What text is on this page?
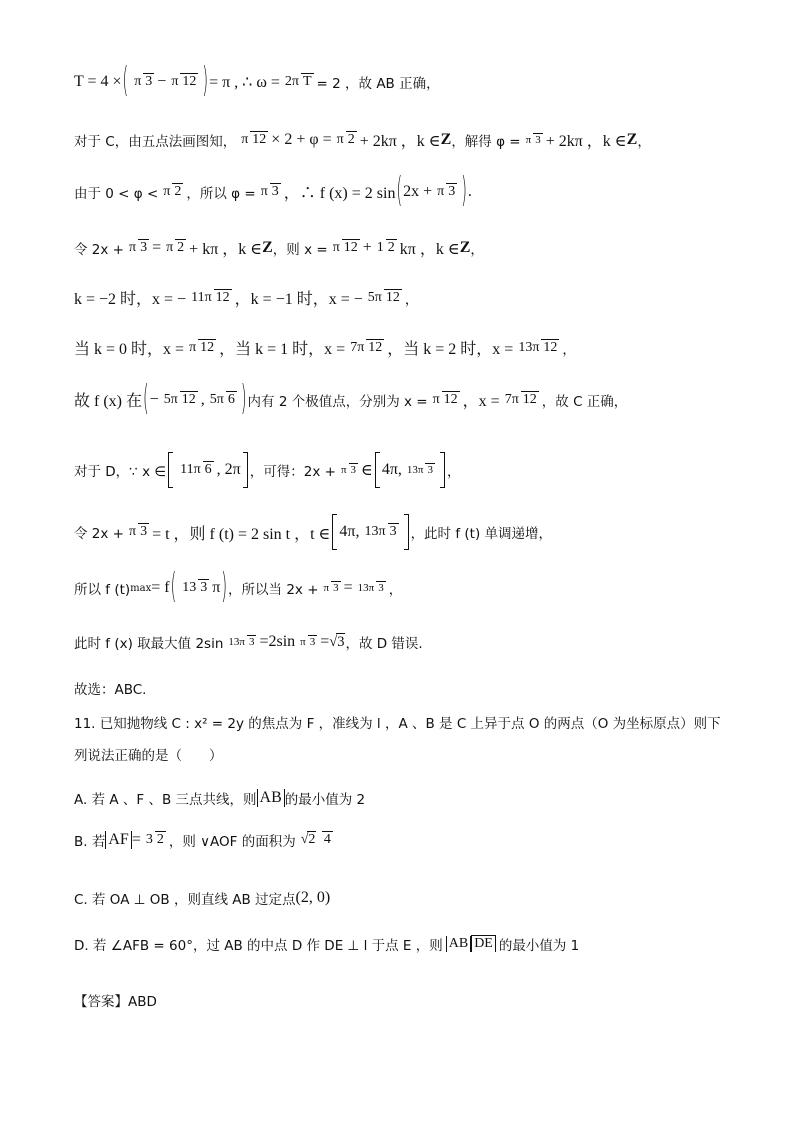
T = 4 × ( π 3 − π 12 ) = π , ∴ ω = 2π T = 2 ，故 AB 正确，
对于 C，由五点法画图知， π 12 × 2 + φ = π 2 + 2kπ ，k ∈ Z ，解得 φ = π 3 + 2kπ ，k ∈ Z ，
由于 0 < φ < π 2 ，所以 φ = π 3 ，∴ f (x) = 2 sin ( 2x + π 3 ) .
令 2x + π 3 = π 2 + kπ ，k ∈ Z ，则 x = π 12 + 1 2 kπ ，k ∈ Z ，
k = −2 时，x = − 11π 12 ，k = −1 时，x = − 5π 12 ，
当 k = 0 时，x = π 12 ，当 k = 1 时，x = 7π 12 ，当 k = 2 时，x = 13π 12 ，
故 f (x) 在 ( − 5π 12 , 5π 6 ) 内有 2 个极值点，分别为 x = π 12 ，x = 7π 12 ，故 C 正确，
对于 D，∵ x ∈ 11π 6 , 2π ，可得：2x + π 3 ∈ 4π, 13π 3 ，
令 2x + π 3 = t ，则 f (t) = 2 sin t ，t ∈ 4π, 13π 3 ，此时 f (t) 单调递增，
所以 f (t) max = f ( 13 3 π ) ，所以当 2x + π 3 = 13π 3 ，
此时 f (x) 取最大值 2sin 13π 3 =2sin π 3 = √3 ，故 D 错误.
故选：ABC.
11. 已知抛物线 C : x² = 2y 的焦点为 F ，准线为 l ，A 、B 是 C 上异于点 O 的两点（O 为坐标原点）则下
列说法正确的是（　　）
A. 若 A 、F 、B 三点共线，则 AB 的最小值为 2
B. 若 AF = 3 2 ，则 ∨AOF 的面积为 √2 4
C. 若 OA ⊥ OB ，则直线 AB 过定点 (2, 0)
D. 若 ∠AFB = 60°，过 AB 的中点 D 作 DE ⊥ l 于点 E ，则 AB DE 的最小值为 1
【答案】ABD
